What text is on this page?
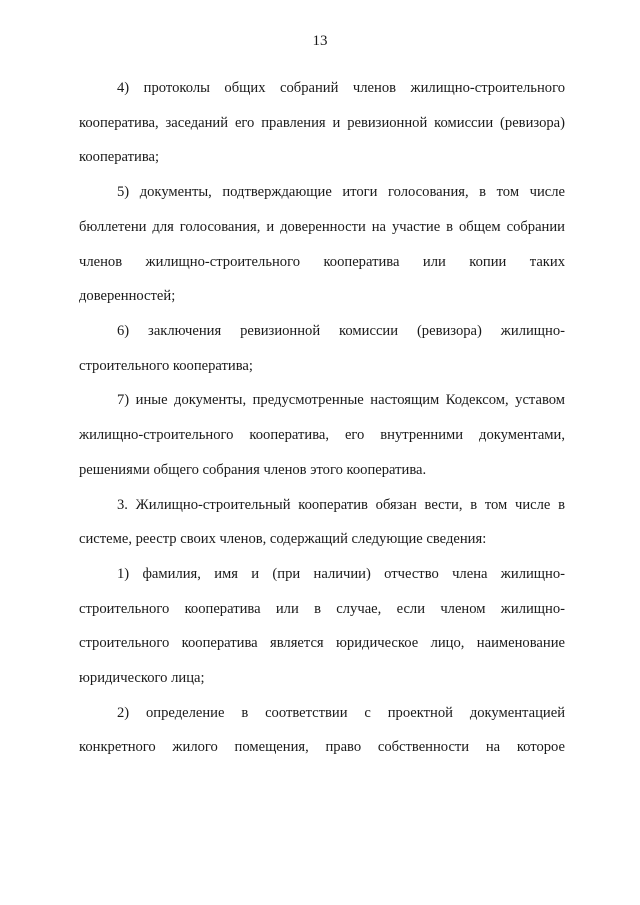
13
4) протоколы общих собраний членов жилищно-строительного
кооператива, заседаний его правления и ревизионной комиссии (ревизора)
кооператива;
5) документы, подтверждающие итоги голосования, в том числе
бюллетени для голосования, и доверенности на участие в общем собрании
членов жилищно-строительного кооператива или копии таких
доверенностей;
6) заключения ревизионной комиссии (ревизора) жилищно-
строительного кооператива;
7) иные документы, предусмотренные настоящим Кодексом, уставом
жилищно-строительного кооператива, его внутренними документами,
решениями общего собрания членов этого кооператива.
3. Жилищно-строительный кооператив обязан вести, в том числе в
системе, реестр своих членов, содержащий следующие сведения:
1) фамилия, имя и (при наличии) отчество члена жилищно-
строительного кооператива или в случае, если членом жилищно-
строительного кооператива является юридическое лицо, наименование
юридического лица;
2) определение в соответствии с проектной документацией
конкретного жилого помещения, право собственности на которое
